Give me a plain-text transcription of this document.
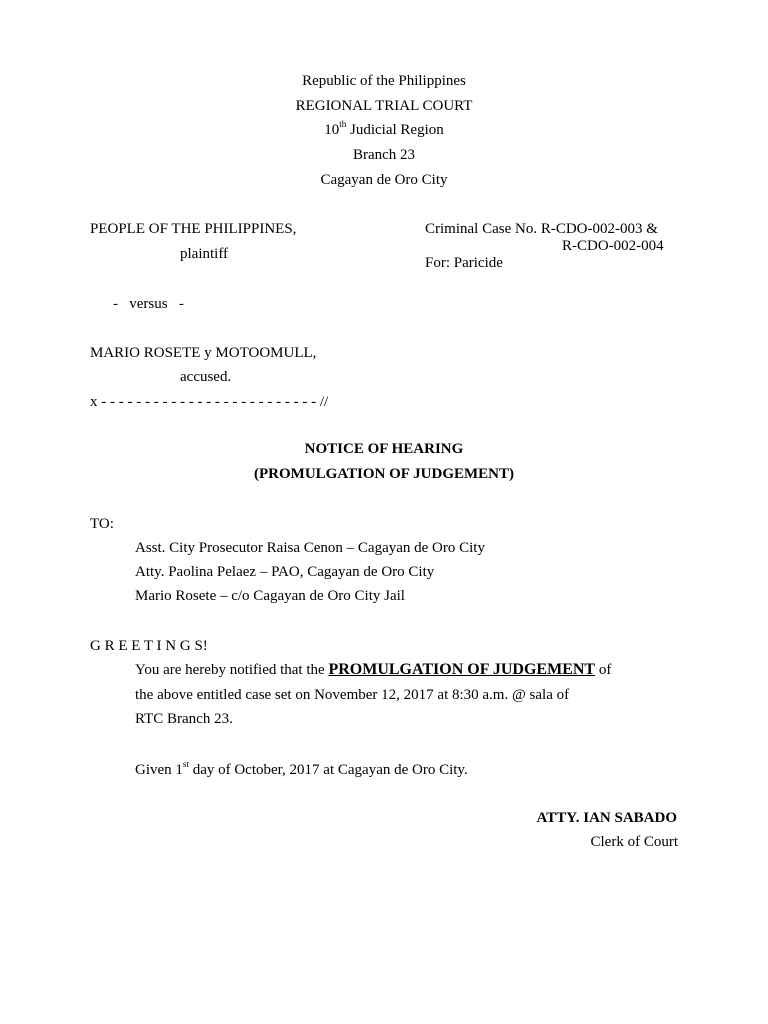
Republic of the Philippines
REGIONAL TRIAL COURT
10th Judicial Region
Branch 23
Cagayan de Oro City
PEOPLE OF THE PHILIPPINES,
plaintiff
-   versus   -
MARIO ROSETE y MOTOOMULL,
accused.
x - - - - - - - - - - - - - - - - - - - - - - - - - //
Criminal Case No. R-CDO-002-003 &
R-CDO-002-004
For: Paricide
NOTICE OF HEARING
(PROMULGATION OF JUDGEMENT)
TO:
Asst. City Prosecutor Raisa Cenon – Cagayan de Oro City
Atty. Paolina Pelaez – PAO, Cagayan de Oro City
Mario Rosete – c/o Cagayan de Oro City Jail
G R E E T I N G S!
You are hereby notified that the PROMULGATION OF JUDGEMENT of
the above entitled case set on November 12, 2017 at 8:30 a.m. @ sala of
RTC Branch 23.
Given 1st day of October, 2017 at Cagayan de Oro City.
ATTY. IAN SABADO
Clerk of Court
